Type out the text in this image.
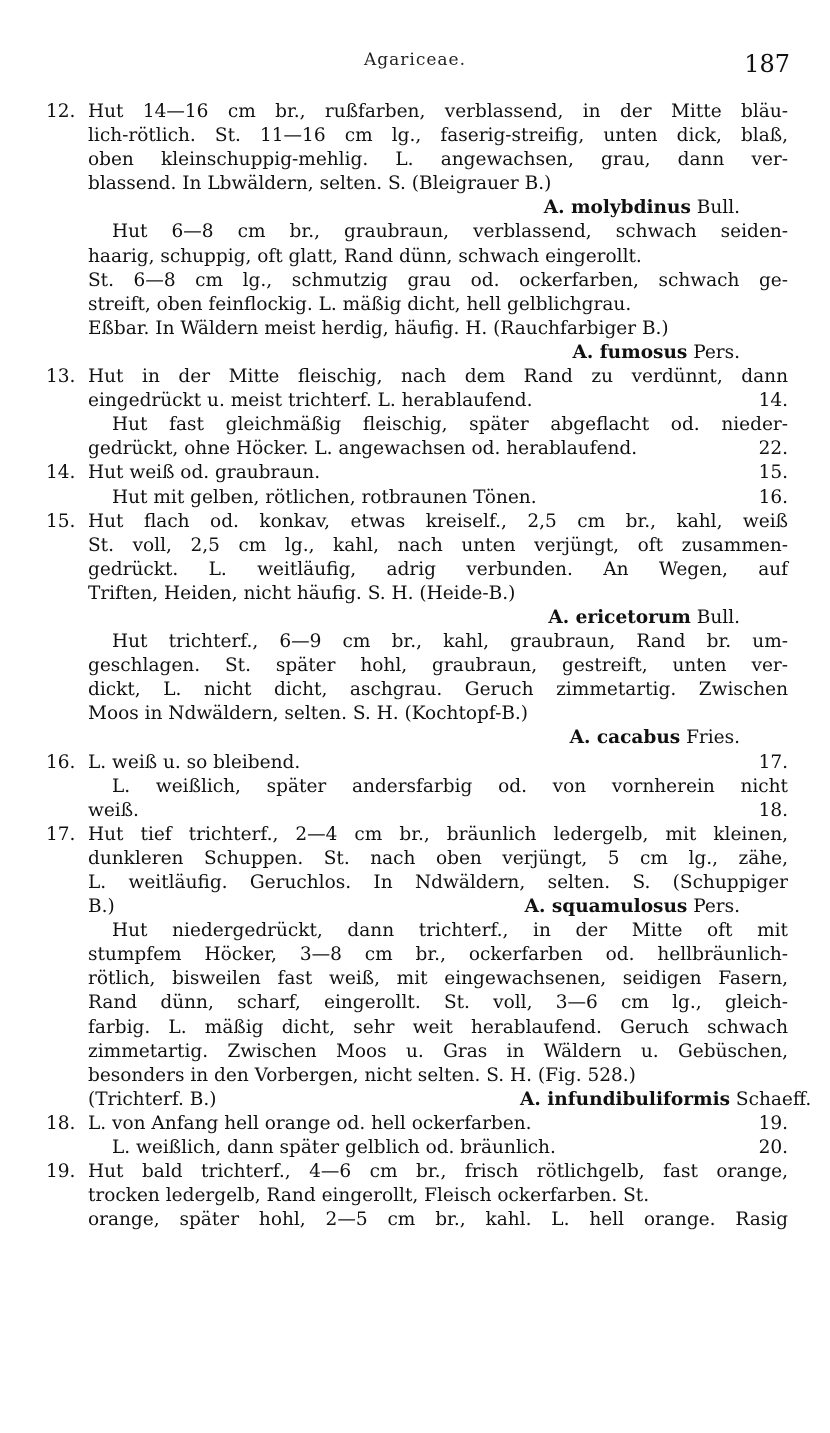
Agariceae.	187
12. Hut 14—16 cm br., rußfarben, verblassend, in der Mitte bläu-
lich-rötlich. St. 11—16 cm lg., faserig-streifig, unten dick, blaß,
oben kleinschuppig-mehlig. L. angewachsen, grau, dann ver-
blassend. In Lbwäldern, selten. S. (Bleigrauer B.)
A. molybdinus Bull.
Hut 6—8 cm br., graubraun, verblassend, schwach seiden-
haarig, schuppig, oft glatt, Rand dünn, schwach eingerollt.
St. 6—8 cm lg., schmutzig grau od. ockerfarben, schwach ge-
streift, oben feinflockig. L. mäßig dicht, hell gelblichgrau.
Eßbar. In Wäldern meist herdig, häufig. H. (Rauchfarbiger B.)
A. fumosus Pers.
13. Hut in der Mitte fleischig, nach dem Rand zu verdünnt, dann
eingedrückt u. meist trichterf. L. herablaufend.	14.
Hut fast gleichmäßig fleischig, später abgeflacht od. nieder-
gedrückt, ohne Höcker. L. angewachsen od. herablaufend.	22.
14. Hut weiß od. graubraun.	15.
Hut mit gelben, rötlichen, rotbraunen Tönen.	16.
15. Hut flach od. konkav, etwas kreiself., 2,5 cm br., kahl, weiß
St. voll, 2,5 cm lg., kahl, nach unten verjüngt, oft zusammen-
gedrückt. L. weitläufig, adrig verbunden. An Wegen, auf
Triften, Heiden, nicht häufig. S. H. (Heide-B.)
A. ericetorum Bull.
Hut trichterf., 6—9 cm br., kahl, graubraun, Rand br. um-
geschlagen. St. später hohl, graubraun, gestreift, unten ver-
dickt, L. nicht dicht, aschgrau. Geruch zimmetartig. Zwischen
Moos in Ndwäldern, selten. S. H. (Kochtopf-B.)
A. cacabus Fries.
16. L. weiß u. so bleibend.	17.
L. weißlich, später andersfarbig od. von vornherein nicht
weiß.	18.
17. Hut tief trichterf., 2—4 cm br., bräunlich ledergelb, mit kleinen,
dunkleren Schuppen. St. nach oben verjüngt, 5 cm lg., zähe,
L. weitläufig. Geruchlos. In Ndwäldern, selten. S. (Schuppiger
B.)	A. squamulosus Pers.
Hut niedergedrückt, dann trichterf., in der Mitte oft mit
stumpfem Höcker, 3—8 cm br., ockerfarben od. hellbräunlich-
rötlich, bisweilen fast weiß, mit eingewachsenen, seidigen Fasern,
Rand dünn, scharf, eingerollt. St. voll, 3—6 cm lg., gleich-
farbig. L. mäßig dicht, sehr weit herablaufend. Geruch schwach
zimmetartig. Zwischen Moos u. Gras in Wäldern u. Gebüschen,
besonders in den Vorbergen, nicht selten. S. H. (Fig. 528.)
(Trichterf. B.)	A. infundibuliformis Schaeff.
18. L. von Anfang hell orange od. hell ockerfarben.	19.
L. weißlich, dann später gelblich od. bräunlich.	20.
19. Hut bald trichterf., 4—6 cm br., frisch rötlichgelb, fast orange,
trocken ledergelb, Rand eingerollt, Fleisch ockerfarben. St.
orange, später hohl, 2—5 cm br., kahl. L. hell orange. Rasig
